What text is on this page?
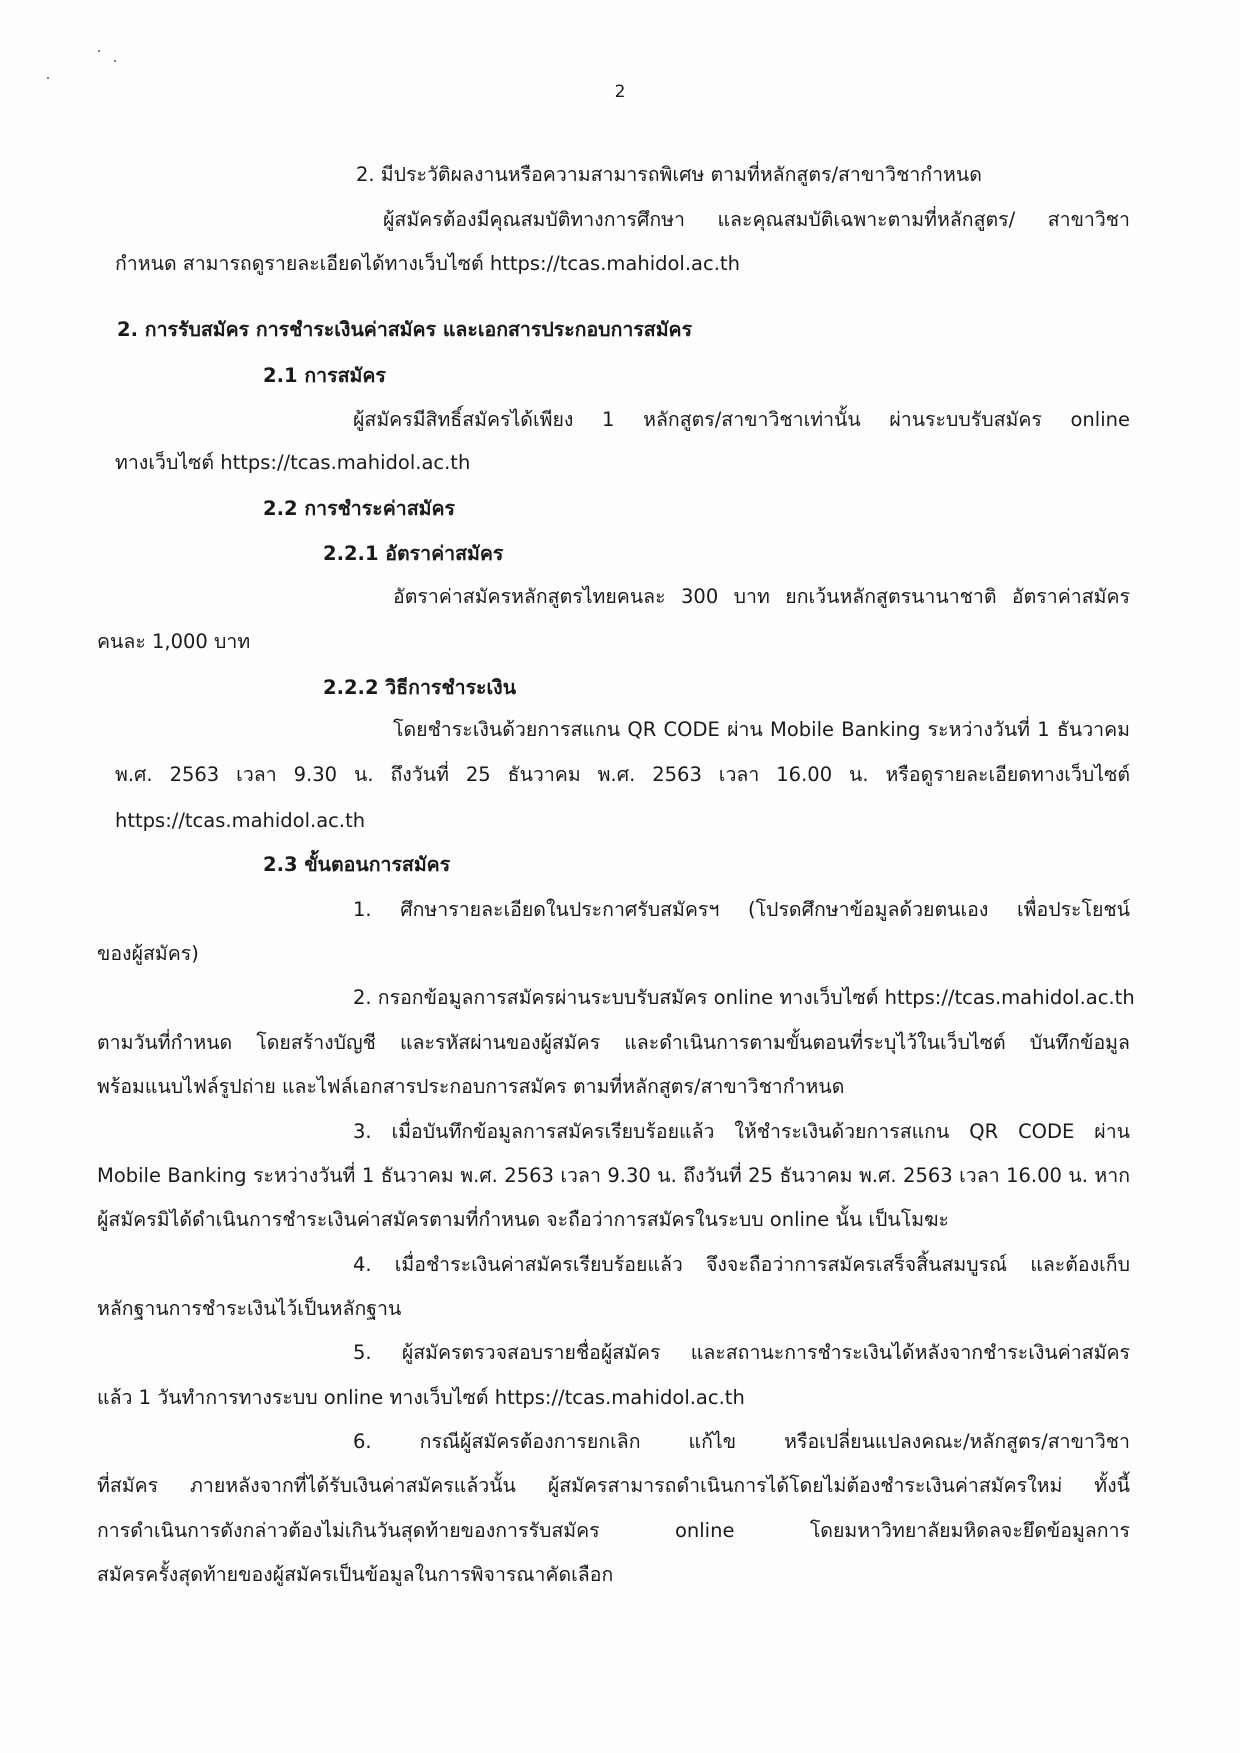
2
2. มีประวัติผลงานหรือความสามารถพิเศษ ตามที่หลักสูตร/สาขาวิชากำหนด
ผู้สมัครต้องมีคุณสมบัติทางการศึกษา และคุณสมบัติเฉพาะตามที่หลักสูตร/ สาขาวิชา
กำหนด สามารถดูรายละเอียดได้ทางเว็บไซต์ https://tcas.mahidol.ac.th
2. การรับสมัคร การชำระเงินค่าสมัคร และเอกสารประกอบการสมัคร
2.1 การสมัคร
ผู้สมัครมีสิทธิ์สมัครได้เพียง 1 หลักสูตร/สาขาวิชาเท่านั้น ผ่านระบบรับสมัคร online
ทางเว็บไซต์ https://tcas.mahidol.ac.th
2.2 การชำระค่าสมัคร
2.2.1 อัตราค่าสมัคร
อัตราค่าสมัครหลักสูตรไทยคนละ 300 บาท ยกเว้นหลักสูตรนานาชาติ อัตราค่าสมัคร
คนละ 1,000 บาท
2.2.2 วิธีการชำระเงิน
โดยชำระเงินด้วยการสแกน QR CODE ผ่าน Mobile Banking ระหว่างวันที่ 1 ธันวาคม
พ.ศ. 2563 เวลา 9.30 น. ถึงวันที่ 25 ธันวาคม พ.ศ. 2563 เวลา 16.00 น. หรือดูรายละเอียดทางเว็บไซต์
https://tcas.mahidol.ac.th
2.3 ขั้นตอนการสมัคร
1. ศึกษารายละเอียดในประกาศรับสมัครฯ (โปรดศึกษาข้อมูลด้วยตนเอง เพื่อประโยชน์
ของผู้สมัคร)
2. กรอกข้อมูลการสมัครผ่านระบบรับสมัคร online ทางเว็บไซต์ https://tcas.mahidol.ac.th
ตามวันที่กำหนด โดยสร้างบัญชี และรหัสผ่านของผู้สมัคร และดำเนินการตามขั้นตอนที่ระบุไว้ในเว็บไซต์ บันทึกข้อมูล
พร้อมแนบไฟล์รูปถ่าย และไฟล์เอกสารประกอบการสมัคร ตามที่หลักสูตร/สาขาวิชากำหนด
3. เมื่อบันทึกข้อมูลการสมัครเรียบร้อยแล้ว ให้ชำระเงินด้วยการสแกน QR CODE ผ่าน
Mobile Banking ระหว่างวันที่ 1 ธันวาคม พ.ศ. 2563 เวลา 9.30 น. ถึงวันที่ 25 ธันวาคม พ.ศ. 2563 เวลา 16.00 น. หาก
ผู้สมัครมิได้ดำเนินการชำระเงินค่าสมัครตามที่กำหนด จะถือว่าการสมัครในระบบ online นั้น เป็นโมฆะ
4. เมื่อชำระเงินค่าสมัครเรียบร้อยแล้ว จึงจะถือว่าการสมัครเสร็จสิ้นสมบูรณ์ และต้องเก็บ
หลักฐานการชำระเงินไว้เป็นหลักฐาน
5. ผู้สมัครตรวจสอบรายชื่อผู้สมัคร และสถานะการชำระเงินได้หลังจากชำระเงินค่าสมัคร
แล้ว 1 วันทำการทางระบบ online ทางเว็บไซต์ https://tcas.mahidol.ac.th
6. กรณีผู้สมัครต้องการยกเลิก แก้ไข หรือเปลี่ยนแปลงคณะ/หลักสูตร/สาขาวิชา
ที่สมัคร ภายหลังจากที่ได้รับเงินค่าสมัครแล้วนั้น ผู้สมัครสามารถดำเนินการได้โดยไม่ต้องชำระเงินค่าสมัครใหม่ ทั้งนี้
การดำเนินการดังกล่าวต้องไม่เกินวันสุดท้ายของการรับสมัคร online โดยมหาวิทยาลัยมหิดลจะยึดข้อมูลการ
สมัครครั้งสุดท้ายของผู้สมัครเป็นข้อมูลในการพิจารณาคัดเลือก
